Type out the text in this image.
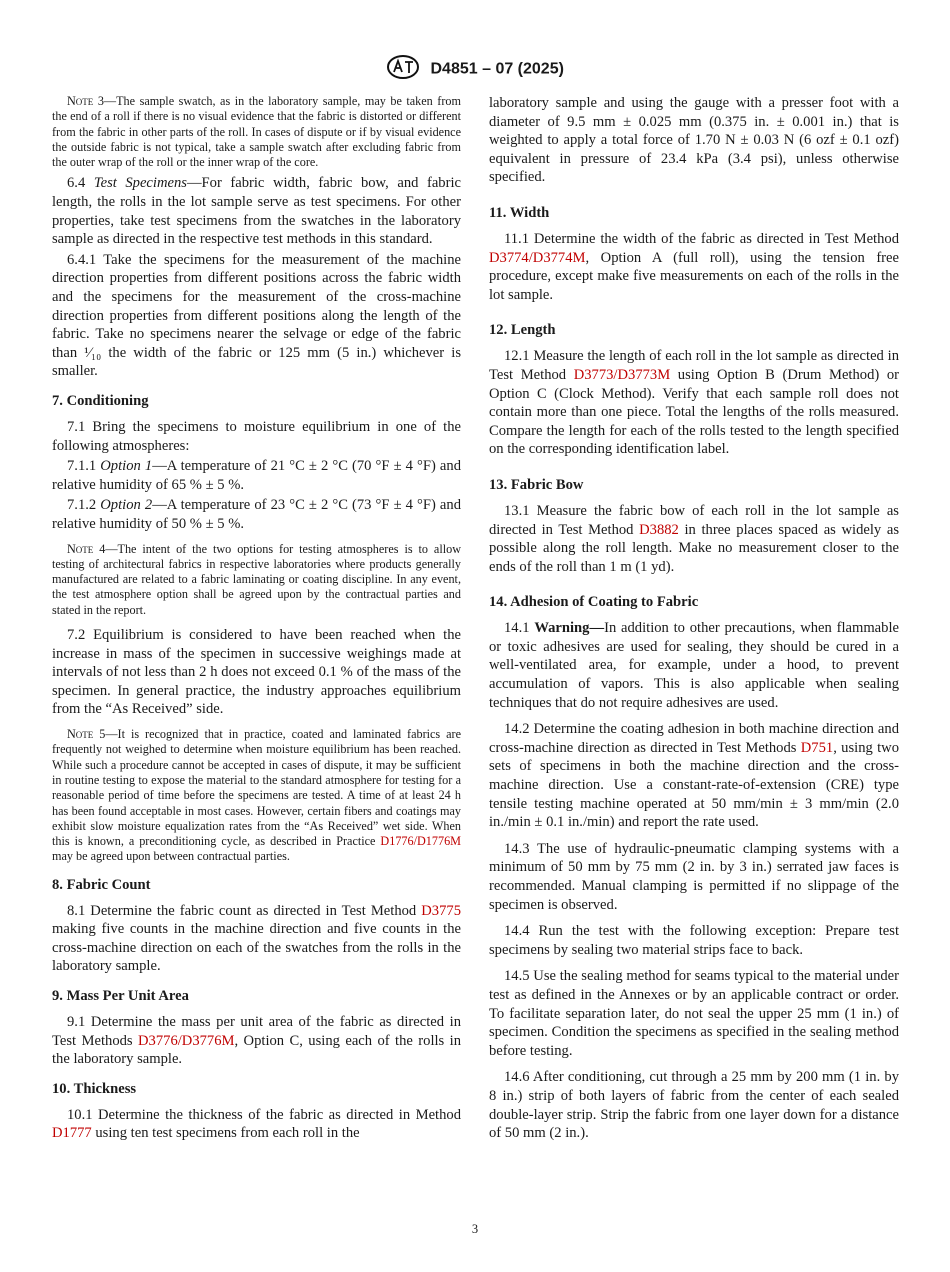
D4851 – 07 (2025)

Note 3—The sample swatch, as in the laboratory sample, may be taken from the end of a roll if there is no visual evidence that the fabric is distorted or different from the fabric in other parts of the roll. In cases of dispute or if by visual evidence the outside fabric is not typical, take a sample swatch after excluding fabric from the outer wrap of the roll or the inner wrap of the core.

6.4 Test Specimens—For fabric width, fabric bow, and fabric length, the rolls in the lot sample serve as test specimens. For other properties, take test specimens from the swatches in the laboratory sample as directed in the respective test methods in this standard.

6.4.1 Take the specimens for the measurement of the machine direction properties from different positions across the fabric width and the specimens for the measurement of the cross-machine direction properties from different positions along the length of the fabric. Take no specimens nearer the selvage or edge of the fabric than ¹⁄₁₀ the width of the fabric or 125 mm (5 in.) whichever is smaller.

7. Conditioning

7.1 Bring the specimens to moisture equilibrium in one of the following atmospheres:

7.1.1 Option 1—A temperature of 21 °C ± 2 °C (70 °F ± 4 °F) and relative humidity of 65 % ± 5 %.

7.1.2 Option 2—A temperature of 23 °C ± 2 °C (73 °F ± 4 °F) and relative humidity of 50 % ± 5 %.

Note 4—The intent of the two options for testing atmospheres is to allow testing of architectural fabrics in respective laboratories where products generally manufactured are related to a fabric laminating or coating discipline. In any event, the test atmosphere option shall be agreed upon by the contractual parties and stated in the report.

7.2 Equilibrium is considered to have been reached when the increase in mass of the specimen in successive weighings made at intervals of not less than 2 h does not exceed 0.1 % of the mass of the specimen. In general practice, the industry approaches equilibrium from the “As Received” side.

Note 5—It is recognized that in practice, coated and laminated fabrics are frequently not weighed to determine when moisture equilibrium has been reached. While such a procedure cannot be accepted in cases of dispute, it may be sufficient in routine testing to expose the material to the standard atmosphere for testing for a reasonable period of time before the specimens are tested. A time of at least 24 h has been found acceptable in most cases. However, certain fibers and coatings may exhibit slow moisture equalization rates from the “As Received” wet side. When this is known, a preconditioning cycle, as described in Practice D1776/D1776M may be agreed upon between contractual parties.

8. Fabric Count

8.1 Determine the fabric count as directed in Test Method D3775 making five counts in the machine direction and five counts in the cross-machine direction on each of the swatches from the rolls in the laboratory sample.

9. Mass Per Unit Area

9.1 Determine the mass per unit area of the fabric as directed in Test Methods D3776/D3776M, Option C, using each of the rolls in the laboratory sample.

10. Thickness

10.1 Determine the thickness of the fabric as directed in Method D1777 using ten test specimens from each roll in the

laboratory sample and using the gauge with a presser foot with a diameter of 9.5 mm ± 0.025 mm (0.375 in. ± 0.001 in.) that is weighted to apply a total force of 1.70 N ± 0.03 N (6 ozf ± 0.1 ozf) equivalent in pressure of 23.4 kPa (3.4 psi), unless otherwise specified.

11. Width

11.1 Determine the width of the fabric as directed in Test Method D3774/D3774M, Option A (full roll), using the tension free procedure, except make five measurements on each of the rolls in the lot sample.

12. Length

12.1 Measure the length of each roll in the lot sample as directed in Test Method D3773/D3773M using Option B (Drum Method) or Option C (Clock Method). Verify that each sample roll does not contain more than one piece. Total the lengths of the rolls measured. Compare the length for each of the rolls tested to the length specified on the corresponding identification label.

13. Fabric Bow

13.1 Measure the fabric bow of each roll in the lot sample as directed in Test Method D3882 in three places spaced as widely as possible along the roll length. Make no measurement closer to the ends of the roll than 1 m (1 yd).

14. Adhesion of Coating to Fabric

14.1 Warning—In addition to other precautions, when flammable or toxic adhesives are used for sealing, they should be cured in a well-ventilated area, for example, under a hood, to prevent accumulation of vapors. This is also applicable when sealing techniques that do not require adhesives are used.

14.2 Determine the coating adhesion in both machine direction and cross-machine direction as directed in Test Methods D751, using two sets of specimens in both the machine direction and the cross-machine direction. Use a constant-rate-of-extension (CRE) type tensile testing machine operated at 50 mm/min ± 3 mm/min (2.0 in./min ± 0.1 in./min) and report the rate used.

14.3 The use of hydraulic-pneumatic clamping systems with a minimum of 50 mm by 75 mm (2 in. by 3 in.) serrated jaw faces is recommended. Manual clamping is permitted if no slippage of the specimen is observed.

14.4 Run the test with the following exception: Prepare test specimens by sealing two material strips face to back.

14.5 Use the sealing method for seams typical to the material under test as defined in the Annexes or by an applicable contract or order. To facilitate separation later, do not seal the upper 25 mm (1 in.) of specimen. Condition the specimens as specified in the sealing method before testing.

14.6 After conditioning, cut through a 25 mm by 200 mm (1 in. by 8 in.) strip of both layers of fabric from the center of each sealed double-layer strip. Strip the fabric from one layer down for a distance of 50 mm (2 in.).

3
